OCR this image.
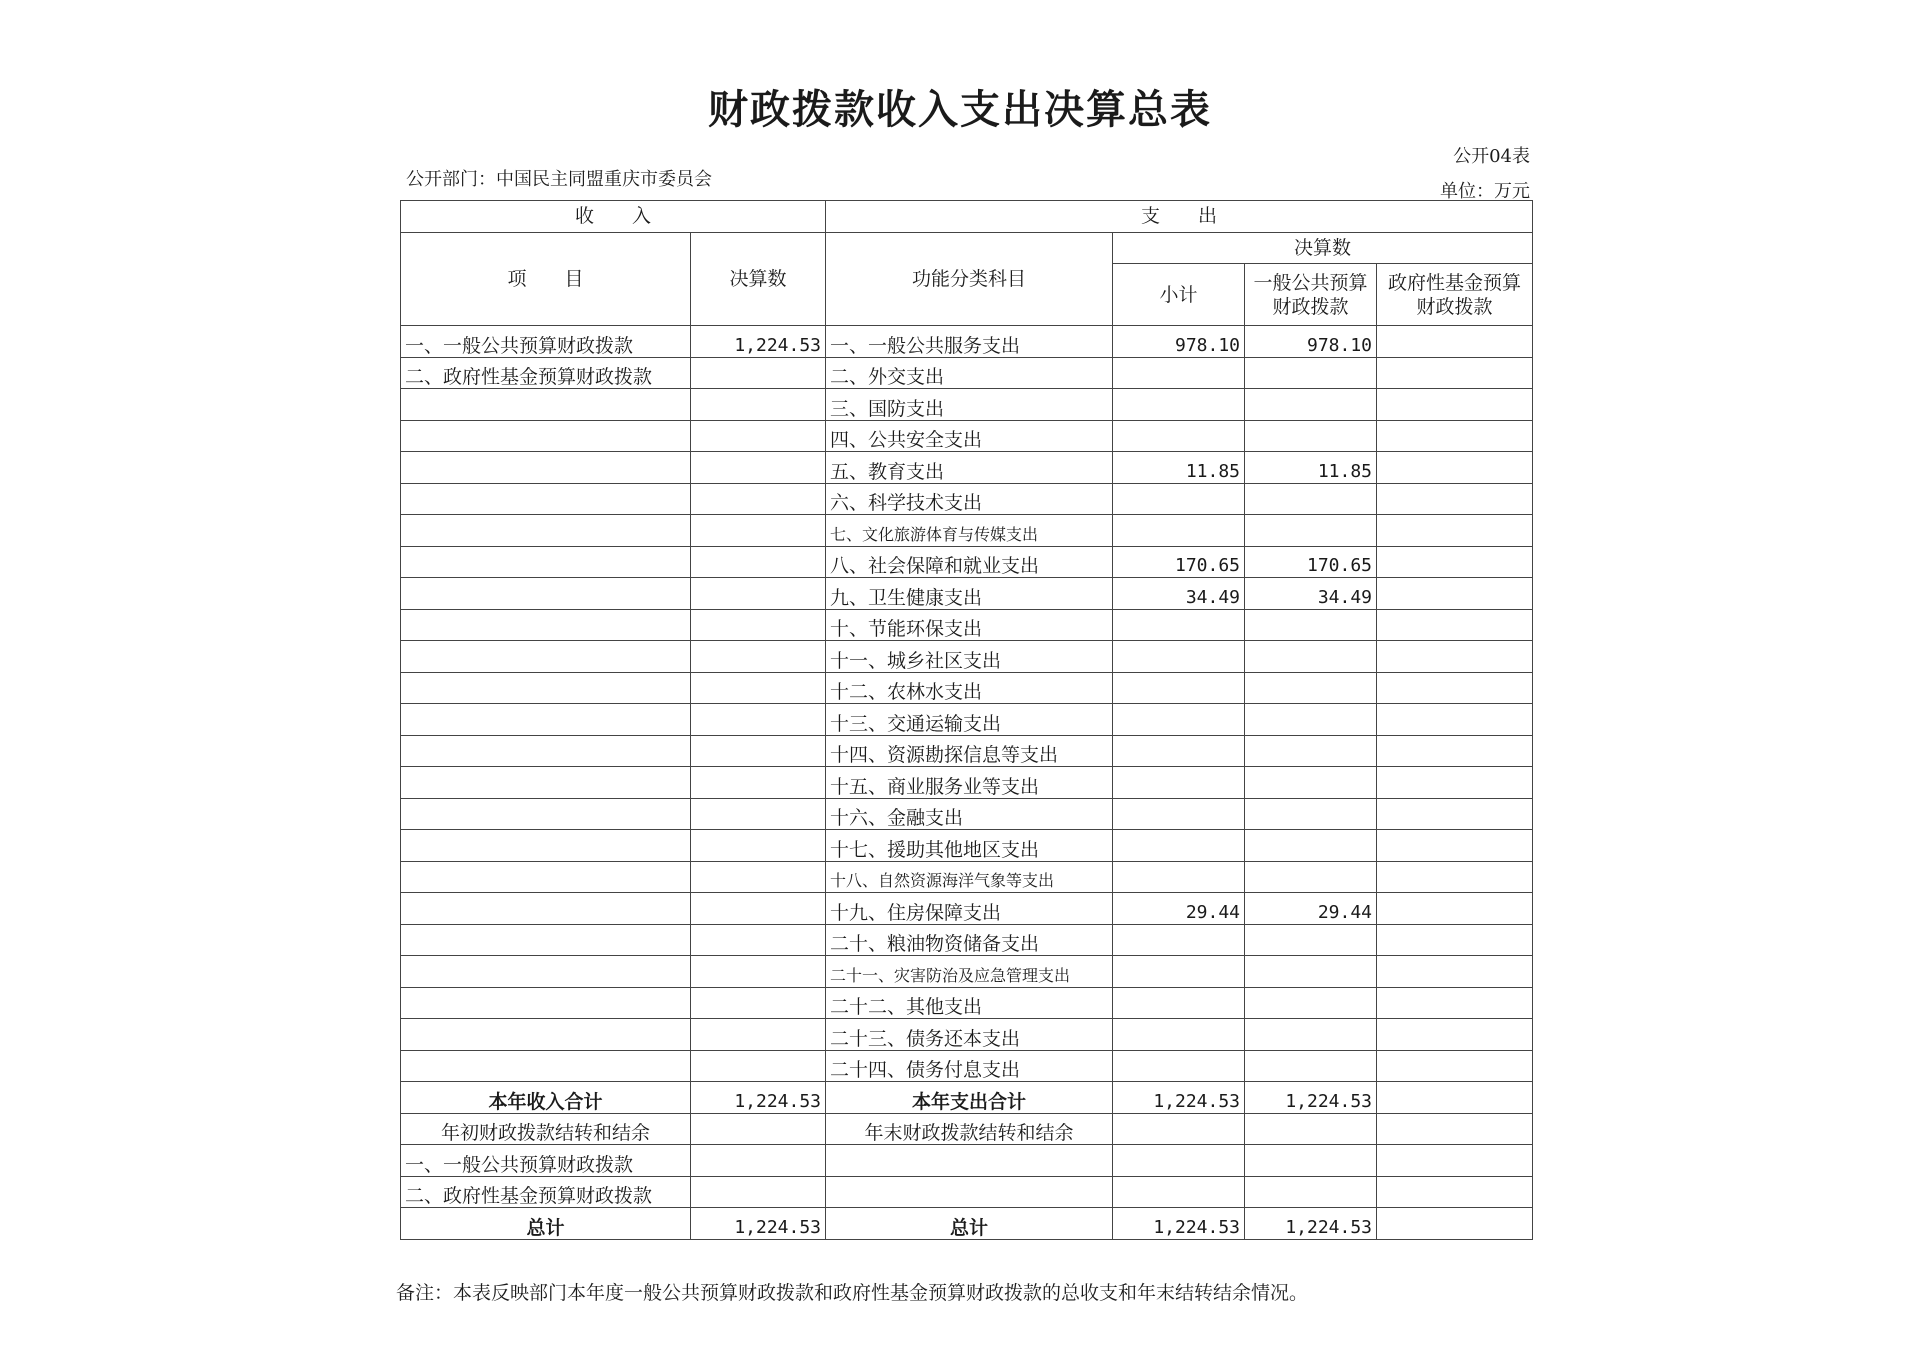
财政拨款收入支出决算总表
公开04表
公开部门：中国民主同盟重庆市委员会
单位：万元
收　　入		支　　出			
项　　目	决算数	功能分类科目	决算数		
			小计	一般公共预算财政拨款	政府性基金预算财政拨款
一、一般公共预算财政拨款	1,224.53	一、一般公共服务支出	978.10	978.10	
二、政府性基金预算财政拨款		二、外交支出			
		三、国防支出			
		四、公共安全支出			
		五、教育支出	11.85	11.85	
		六、科学技术支出			
		七、文化旅游体育与传媒支出			
		八、社会保障和就业支出	170.65	170.65	
		九、卫生健康支出	34.49	34.49	
		十、节能环保支出			
		十一、城乡社区支出			
		十二、农林水支出			
		十三、交通运输支出			
		十四、资源勘探信息等支出			
		十五、商业服务业等支出			
		十六、金融支出			
		十七、援助其他地区支出			
		十八、自然资源海洋气象等支出			
		十九、住房保障支出	29.44	29.44	
		二十、粮油物资储备支出			
		二十一、灾害防治及应急管理支出			
		二十二、其他支出			
		二十三、债务还本支出			
		二十四、债务付息支出			
本年收入合计	1,224.53	本年支出合计	1,224.53	1,224.53	
年初财政拨款结转和结余		年末财政拨款结转和结余			
一、一般公共预算财政拨款					
二、政府性基金预算财政拨款					
总计	1,224.53	总计	1,224.53	1,224.53	
备注：本表反映部门本年度一般公共预算财政拨款和政府性基金预算财政拨款的总收支和年末结转结余情况。
